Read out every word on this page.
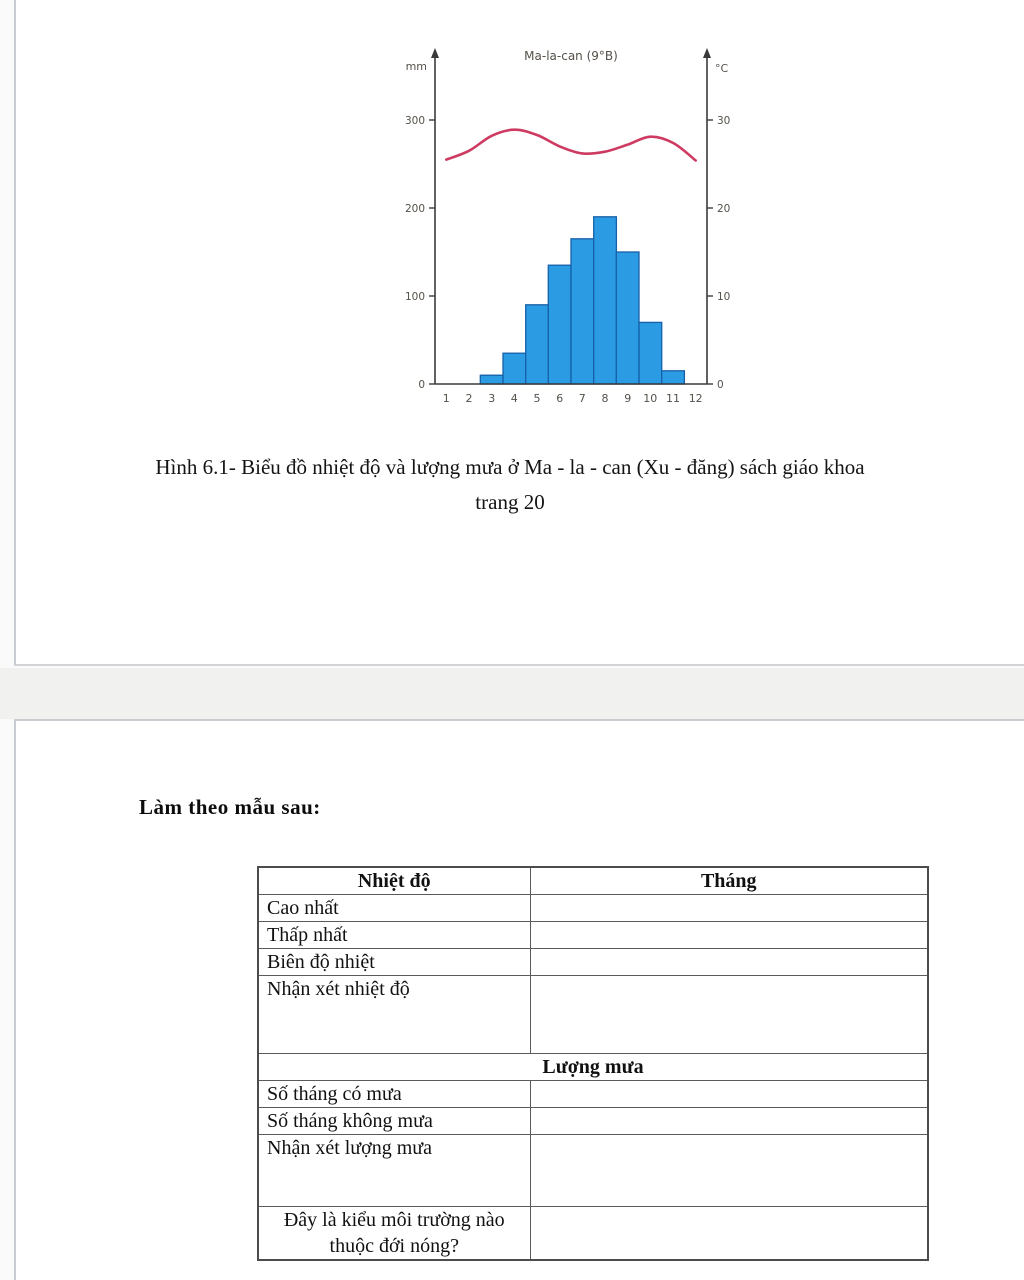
Ma-la-can (9°B)
mm	°C
0
100
200
300
0
10
20
30
1 2 3 4 5 6 7 8 9 10 11 12
Hình 6.1- Biểu đồ nhiệt độ và lượng mưa ở Ma - la - can (Xu - đăng) sách giáo khoa
trang 20
Làm theo mẫu sau:
Nhiệt độ	Tháng
Cao nhất	
Thấp nhất	
Biên độ nhiệt	
Nhận xét nhiệt độ	
Lượng mưa	
Số tháng có mưa	
Số tháng không mưa	
Nhận xét lượng mưa	
Đây là kiểu môi trường nào thuộc đới nóng?	
